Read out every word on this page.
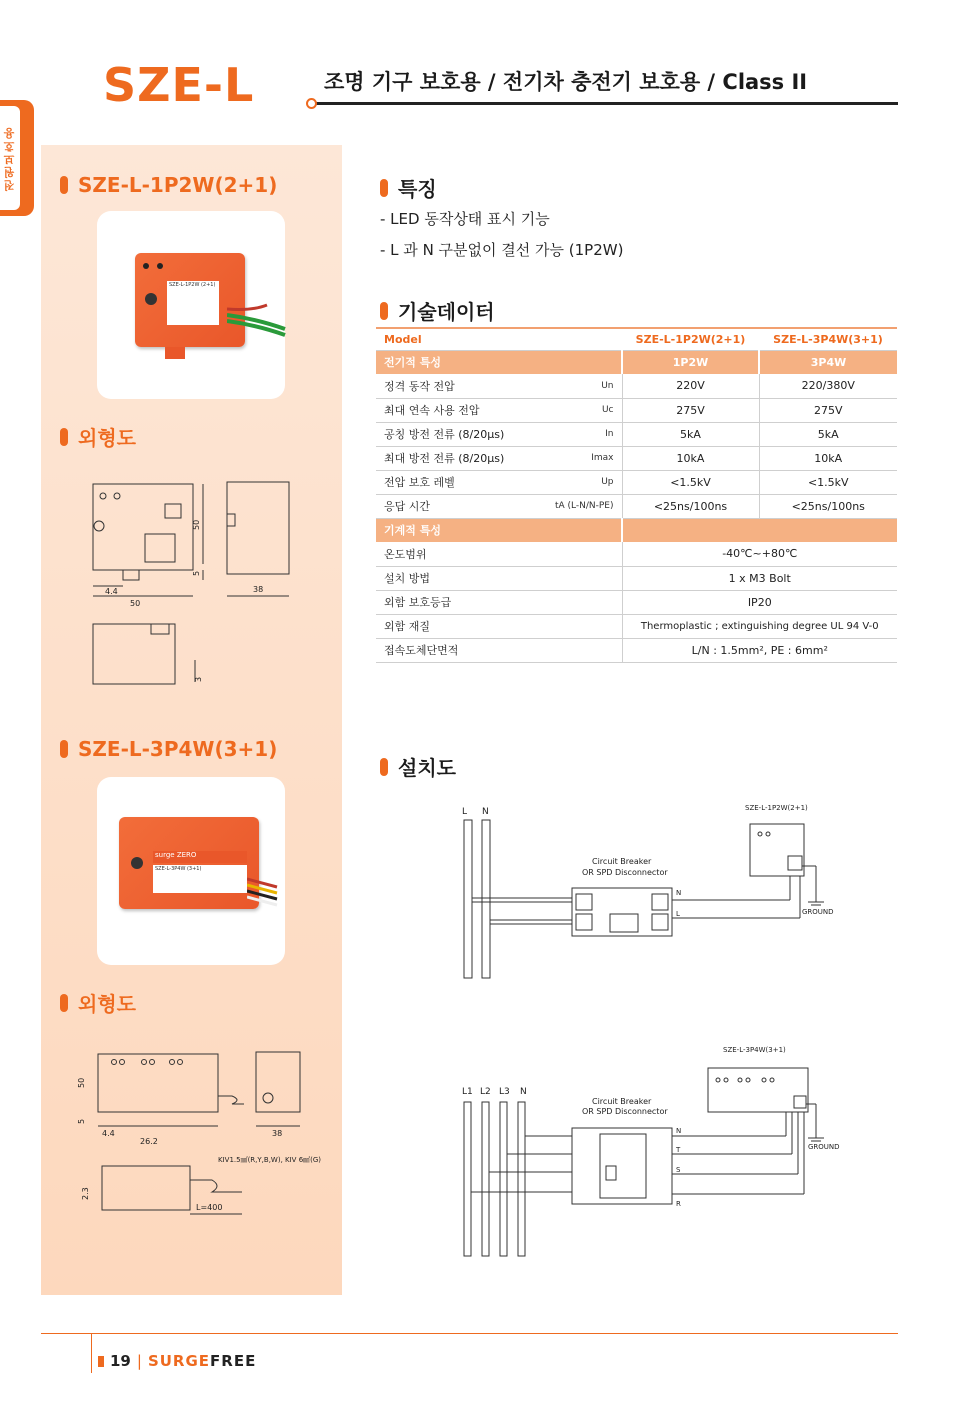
전원보호용
SZE-L	조명 기구 보호용 / 전기차 충전기 보호용 / Class II
SZE-L-1P2W(2+1)
SZE-L-1P2W (2+1)
외형도
4.4
50
50
5
38
3
SZE-L-3P4W(3+1)
surge ZERO
SZE-L-3P4W (3+1)
외형도
4.4
26.2
50
5
38
2.3
KIV1.5㎟(R,Y,B,W), KIV 6㎟(G)
L=400
특징
- LED 동작상태 표시 기능
- L 과 N 구분없이 결선 가능 (1P2W)
기술데이터
Model		SZE-L-1P2W(2+1)	SZE-L-3P4W(3+1)
전기적 특성		1P2W	3P4W
정격 동작 전압	Un	220V	220/380V
최대 연속 사용 전압	Uc	275V	275V
공칭 방전 전류 (8/20μs)	In	5kA	5kA
최대 방전 전류 (8/20μs)	Imax	10kA	10kA
전압 보호 레벨	Up	<1.5kV	<1.5kV
응답 시간	tA (L-N/N-PE)	<25ns/100ns	<25ns/100ns
기계적 특성			
온도범위		-40℃~+80℃	
설치 방법		1 x M3 Bolt	
외함 보호등급		IP20	
외함 재질		Thermoplastic ; extinguishing degree UL 94 V-0	
접속도체단면적		L/N : 1.5mm², PE : 6mm²	
설치도
L N	SZE-L-1P2W(2+1)
Circuit Breaker
OR SPD Disconnector
N
L	GROUND
L1 L2 L3 N
SZE-L-3P4W(3+1)
Circuit Breaker
OR SPD Disconnector
N
T
S
R
GROUND
19 | SURGEFREE
